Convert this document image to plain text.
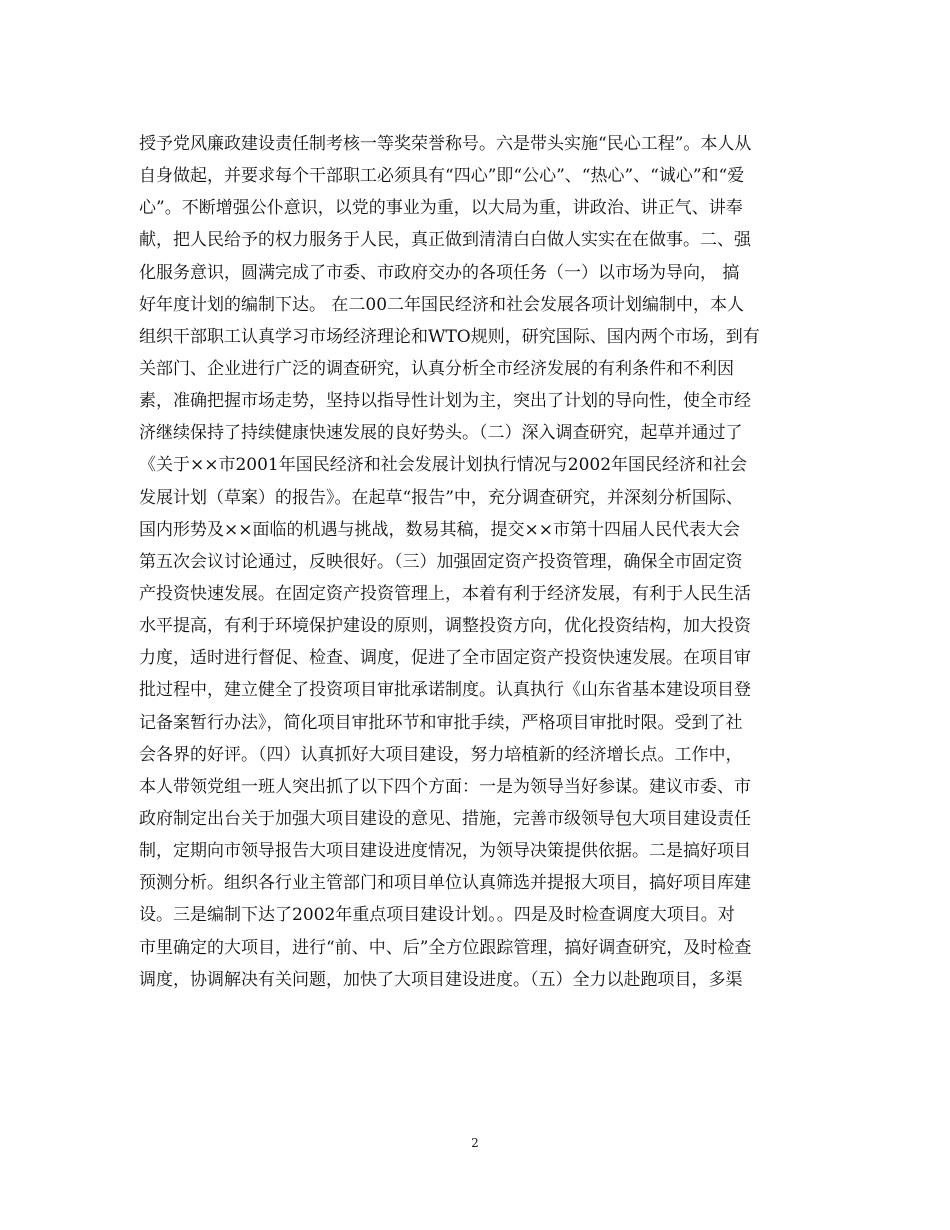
授予党风廉政建设责任制考核一等奖荣誉称号。六是带头实施“民心工程”。本人从
自身做起，并要求每个干部职工必须具有“四心”即“公心”、“热心”、“诚心”和“爱
心”。不断增强公仆意识，以党的事业为重，以大局为重，讲政治、讲正气、讲奉
献，把人民给予的权力服务于人民，真正做到清清白白做人实实在在做事。二、强
化服务意识，圆满完成了市委、市政府交办的各项任务（一）以市场为导向， 搞
好年度计划的编制下达。 在二00二年国民经济和社会发展各项计划编制中，本人
组织干部职工认真学习市场经济理论和WTO规则，研究国际、国内两个市场，到有
关部门、企业进行广泛的调查研究，认真分析全市经济发展的有利条件和不利因
素，准确把握市场走势，坚持以指导性计划为主，突出了计划的导向性，使全市经
济继续保持了持续健康快速发展的良好势头。（二）深入调查研究，起草并通过了
《关于××市2001年国民经济和社会发展计划执行情况与2002年国民经济和社会
发展计划（草案）的报告》。在起草“报告”中，充分调查研究，并深刻分析国际、
国内形势及××面临的机遇与挑战，数易其稿，提交××市第十四届人民代表大会
第五次会议讨论通过，反映很好。（三）加强固定资产投资管理，确保全市固定资
产投资快速发展。在固定资产投资管理上，本着有利于经济发展，有利于人民生活
水平提高，有利于环境保护建设的原则，调整投资方向，优化投资结构，加大投资
力度，适时进行督促、检查、调度，促进了全市固定资产投资快速发展。在项目审
批过程中，建立健全了投资项目审批承诺制度。认真执行《山东省基本建设项目登
记备案暂行办法》，简化项目审批环节和审批手续，严格项目审批时限。受到了社
会各界的好评。（四）认真抓好大项目建设，努力培植新的经济增长点。工作中，
本人带领党组一班人突出抓了以下四个方面：一是为领导当好参谋。建议市委、市
政府制定出台关于加强大项目建设的意见、措施，完善市级领导包大项目建设责任
制，定期向市领导报告大项目建设进度情况，为领导决策提供依据。二是搞好项目
预测分析。组织各行业主管部门和项目单位认真筛选并提报大项目，搞好项目库建
设。三是编制下达了2002年重点项目建设计划。。四是及时检查调度大项目。对
市里确定的大项目，进行“前、中、后”全方位跟踪管理，搞好调查研究，及时检查
调度，协调解决有关问题，加快了大项目建设进度。（五）全力以赴跑项目，多渠
2
